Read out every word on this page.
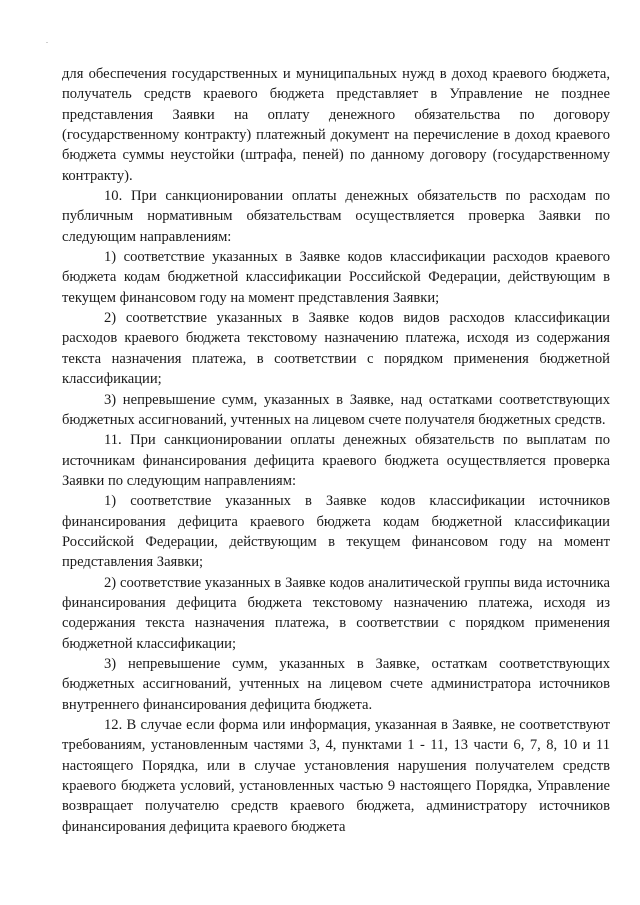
для обеспечения государственных и муниципальных нужд в доход краевого бюджета, получатель средств краевого бюджета представляет в Управление не позднее представления Заявки на оплату денежного обязательства по договору (государственному контракту) платежный документ на перечисление в доход краевого бюджета суммы неустойки (штрафа, пеней) по данному договору (государственному контракту).

10. При санкционировании оплаты денежных обязательств по расходам по публичным нормативным обязательствам осуществляется проверка Заявки по следующим направлениям:

1) соответствие указанных в Заявке кодов классификации расходов краевого бюджета кодам бюджетной классификации Российской Федерации, действующим в текущем финансовом году на момент представления Заявки;

2) соответствие указанных в Заявке кодов видов расходов классификации расходов краевого бюджета текстовому назначению платежа, исходя из содержания текста назначения платежа, в соответствии с порядком применения бюджетной классификации;

3) непревышение сумм, указанных в Заявке, над остатками соответствующих бюджетных ассигнований, учтенных на лицевом счете получателя бюджетных средств.

11. При санкционировании оплаты денежных обязательств по выплатам по источникам финансирования дефицита краевого бюджета осуществляется проверка Заявки по следующим направлениям:

1) соответствие указанных в Заявке кодов классификации источников финансирования дефицита краевого бюджета кодам бюджетной классификации Российской Федерации, действующим в текущем финансовом году на момент представления Заявки;

2) соответствие указанных в Заявке кодов аналитической группы вида источника финансирования дефицита бюджета текстовому назначению платежа, исходя из содержания текста назначения платежа, в соответствии с порядком применения бюджетной классификации;

3) непревышение сумм, указанных в Заявке, остаткам соответствующих бюджетных ассигнований, учтенных на лицевом счете администратора источников внутреннего финансирования дефицита бюджета.

12. В случае если форма или информация, указанная в Заявке, не соответствуют требованиям, установленным частями 3, 4, пунктами 1 - 11, 13 части 6, 7, 8, 10 и 11 настоящего Порядка, или в случае установления нарушения получателем средств краевого бюджета условий, установленных частью 9 настоящего Порядка, Управление возвращает получателю средств краевого бюджета, администратору источников финансирования дефицита краевого бюджета
